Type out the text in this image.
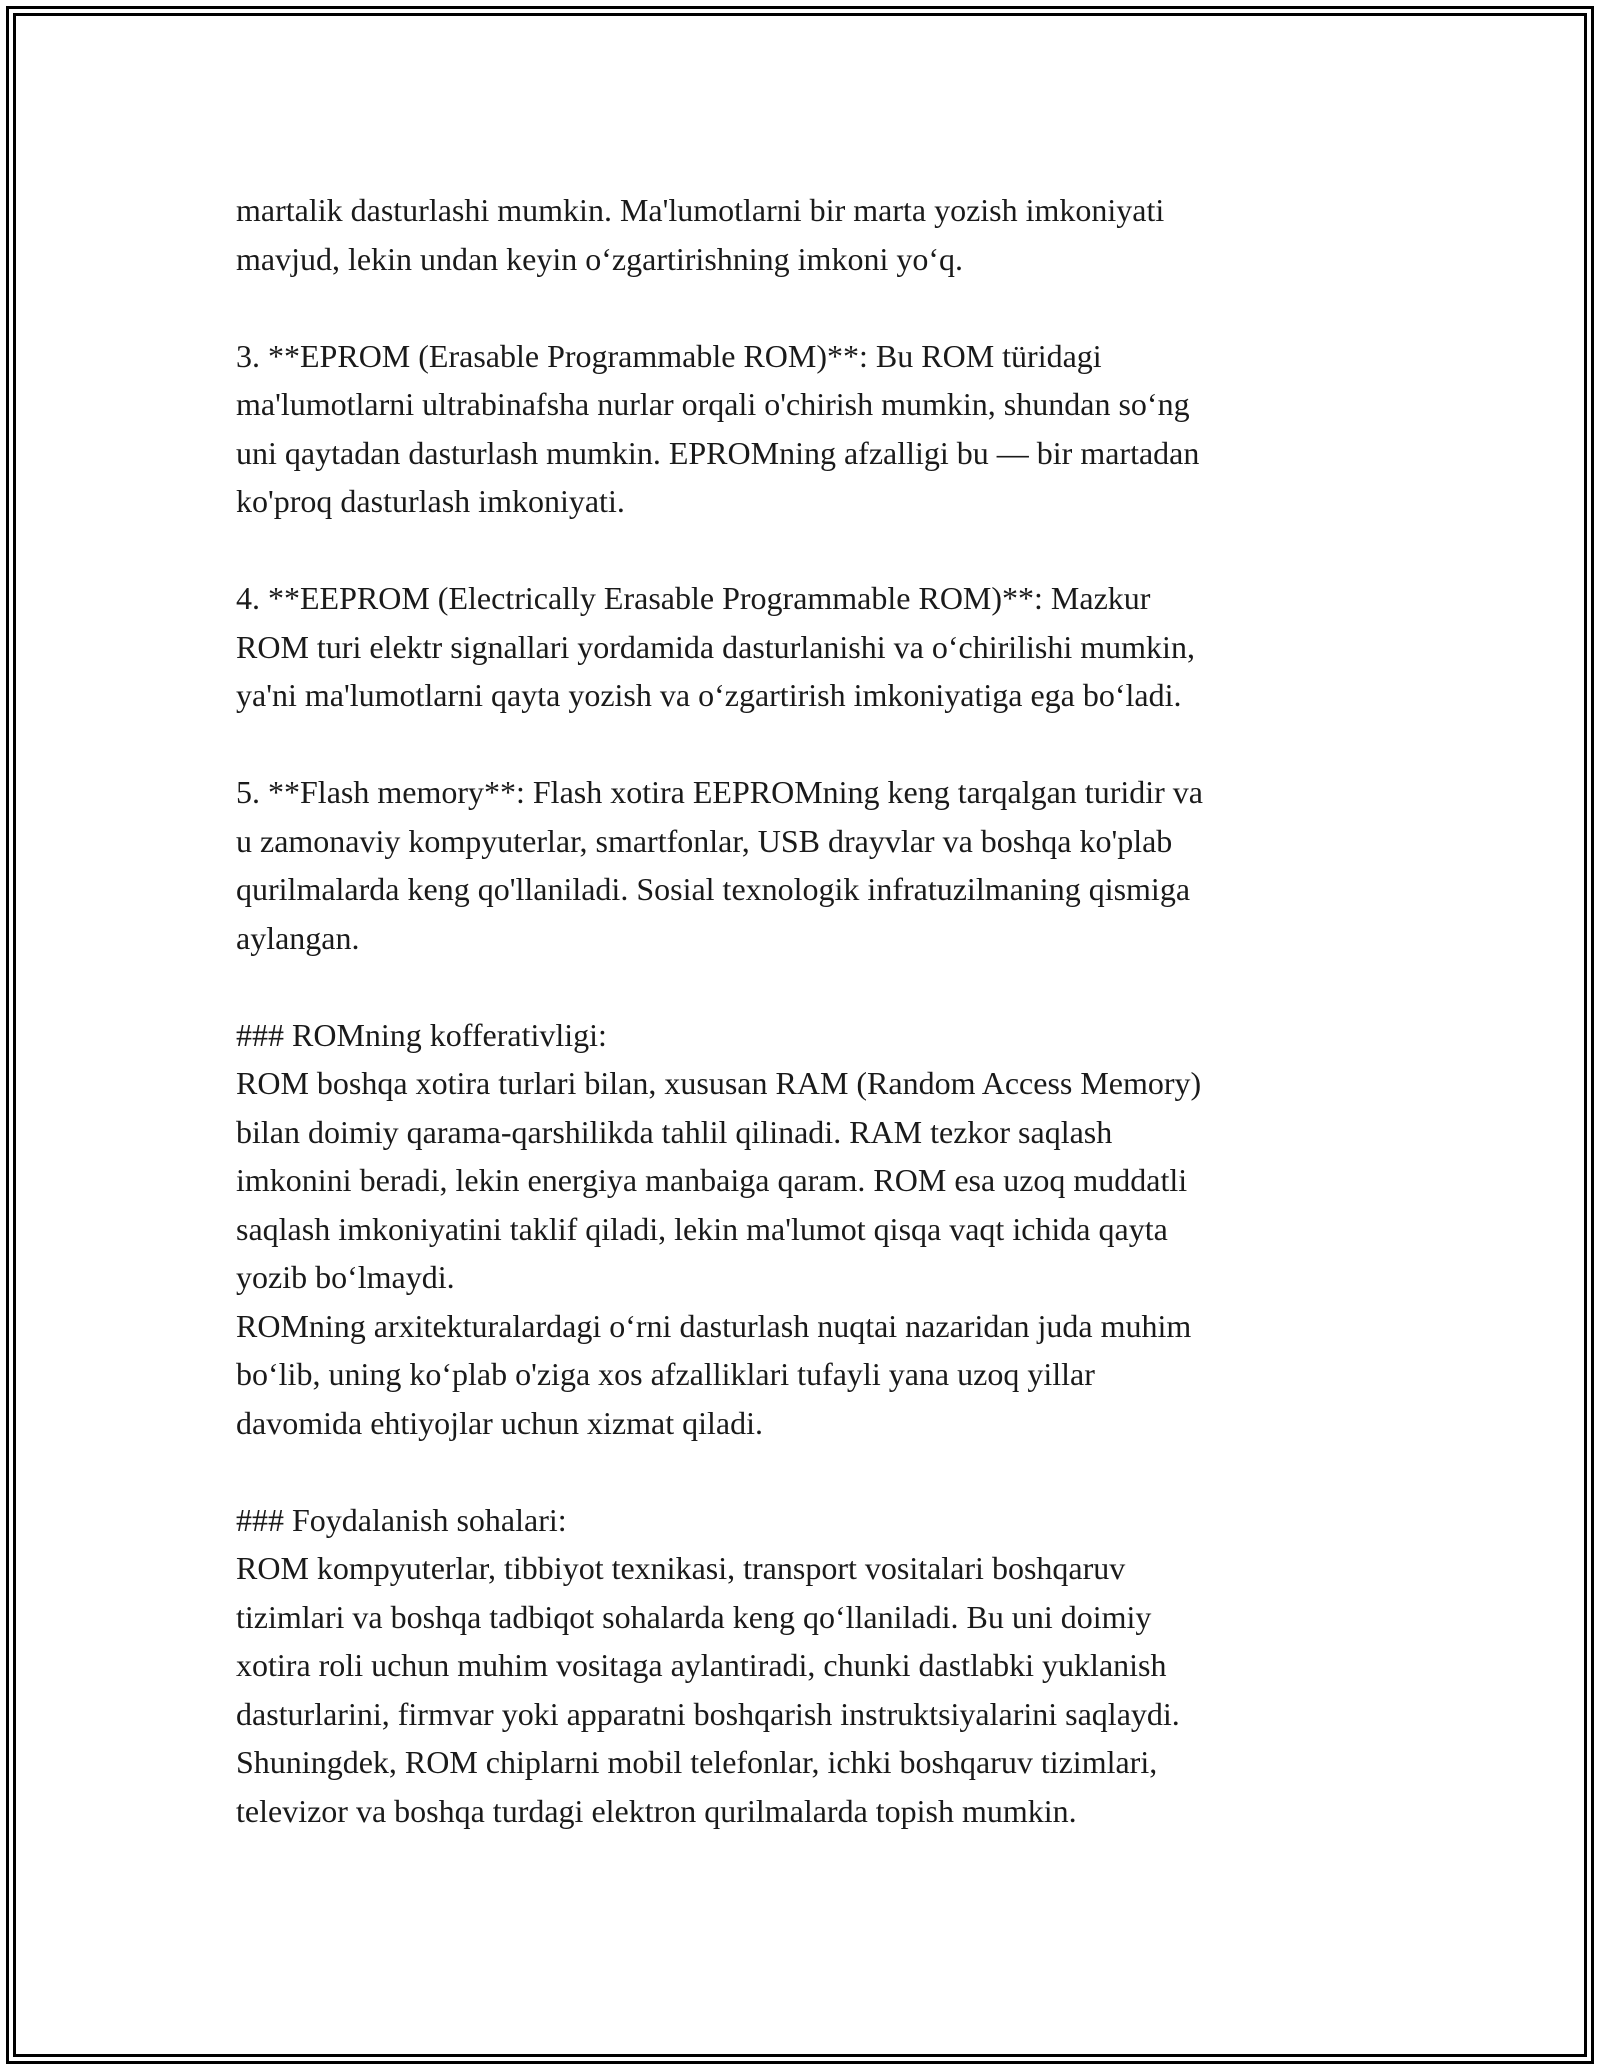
martalik dasturlashi mumkin. Ma'lumotlarni bir marta yozish imkoniyati
mavjud, lekin undan keyin o‘zgartirishning imkoni yo‘q.
3. **EPROM (Erasable Programmable ROM)**: Bu ROM türidagi
ma'lumotlarni ultrabinafsha nurlar orqali o'chirish mumkin, shundan so‘ng
uni qaytadan dasturlash mumkin. EPROMning afzalligi bu — bir martadan
ko'proq dasturlash imkoniyati.
4. **EEPROM (Electrically Erasable Programmable ROM)**: Mazkur
ROM turi elektr signallari yordamida dasturlanishi va o‘chirilishi mumkin,
ya'ni ma'lumotlarni qayta yozish va o‘zgartirish imkoniyatiga ega bo‘ladi.
5. **Flash memory**: Flash xotira EEPROMning keng tarqalgan turidir va
u zamonaviy kompyuterlar, smartfonlar, USB drayvlar va boshqa ko'plab
qurilmalarda keng qo'llaniladi. Sosial texnologik infratuzilmaning qismiga
aylangan.
### ROMning kofferativligi:
ROM boshqa xotira turlari bilan, xususan RAM (Random Access Memory)
bilan doimiy qarama-qarshilikda tahlil qilinadi. RAM tezkor saqlash
imkonini beradi, lekin energiya manbaiga qaram. ROM esa uzoq muddatli
saqlash imkoniyatini taklif qiladi, lekin ma'lumot qisqa vaqt ichida qayta
yozib bo‘lmaydi.
ROMning arxitekturalardagi o‘rni dasturlash nuqtai nazaridan juda muhim
bo‘lib, uning ko‘plab o'ziga xos afzalliklari tufayli yana uzoq yillar
davomida ehtiyojlar uchun xizmat qiladi.
### Foydalanish sohalari:
ROM kompyuterlar, tibbiyot texnikasi, transport vositalari boshqaruv
tizimlari va boshqa tadbiqot sohalarda keng qo‘llaniladi. Bu uni doimiy
xotira roli uchun muhim vositaga aylantiradi, chunki dastlabki yuklanish
dasturlarini, firmvar yoki apparatni boshqarish instruktsiyalarini saqlaydi.
Shuningdek, ROM chiplarni mobil telefonlar, ichki boshqaruv tizimlari,
televizor va boshqa turdagi elektron qurilmalarda topish mumkin.
